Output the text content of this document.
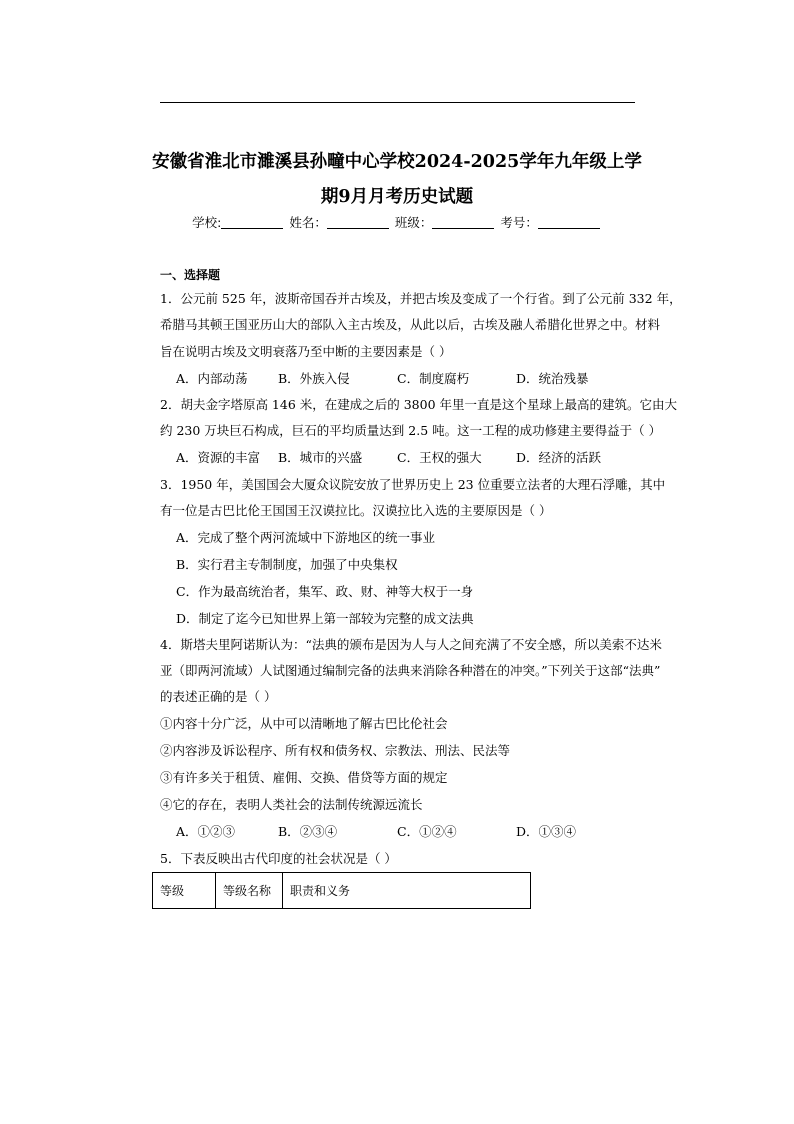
安徽省淮北市濉溪县孙疃中心学校2024-2025学年九年级上学
期9月月考历史试题
学校:	姓名：	班级：	考号：
一、选择题
1．公元前 525 年，波斯帝国吞并古埃及，并把古埃及变成了一个行省。到了公元前 332 年，
希腊马其顿王国亚历山大的部队入主古埃及，从此以后，古埃及融人希腊化世界之中。材料
旨在说明古埃及文明衰落乃至中断的主要因素是（ ）
A．内部动荡 B．外族入侵	C．制度腐朽	D．统治残暴
2．胡夫金字塔原高 146 米，在建成之后的 3800 年里一直是这个星球上最高的建筑。它由大
约 230 万块巨石构成，巨石的平均质量达到 2.5 吨。这一工程的成功修建主要得益于（ ）
A．资源的丰富 B．城市的兴盛	C．王权的强大	D．经济的活跃
3．1950 年，美国国会大厦众议院安放了世界历史上 23 位重要立法者的大理石浮雕，其中
有一位是古巴比伦王国国王汉谟拉比。汉谟拉比入选的主要原因是（ ）
A．完成了整个两河流域中下游地区的统一事业
B．实行君主专制制度，加强了中央集权
C．作为最高统治者，集军、政、财、神等大权于一身
D．制定了迄今已知世界上第一部较为完整的成文法典
4．斯塔夫里阿诺斯认为：“法典的颁布是因为人与人之间充满了不安全感，所以美索不达米
亚（即两河流域）人试图通过编制完备的法典来消除各种潜在的冲突。”下列关于这部“法典”
的表述正确的是（ ）
①内容十分广泛，从中可以清晰地了解古巴比伦社会
②内容涉及诉讼程序、所有权和债务权、宗教法、刑法、民法等
③有许多关于租赁、雇佣、交换、借贷等方面的规定
④它的存在，表明人类社会的法制传统源远流长
A．①②③	B．②③④	C．①②④	D．①③④
5．下表反映出古代印度的社会状况是（ ）
等级	等级名称	职责和义务
